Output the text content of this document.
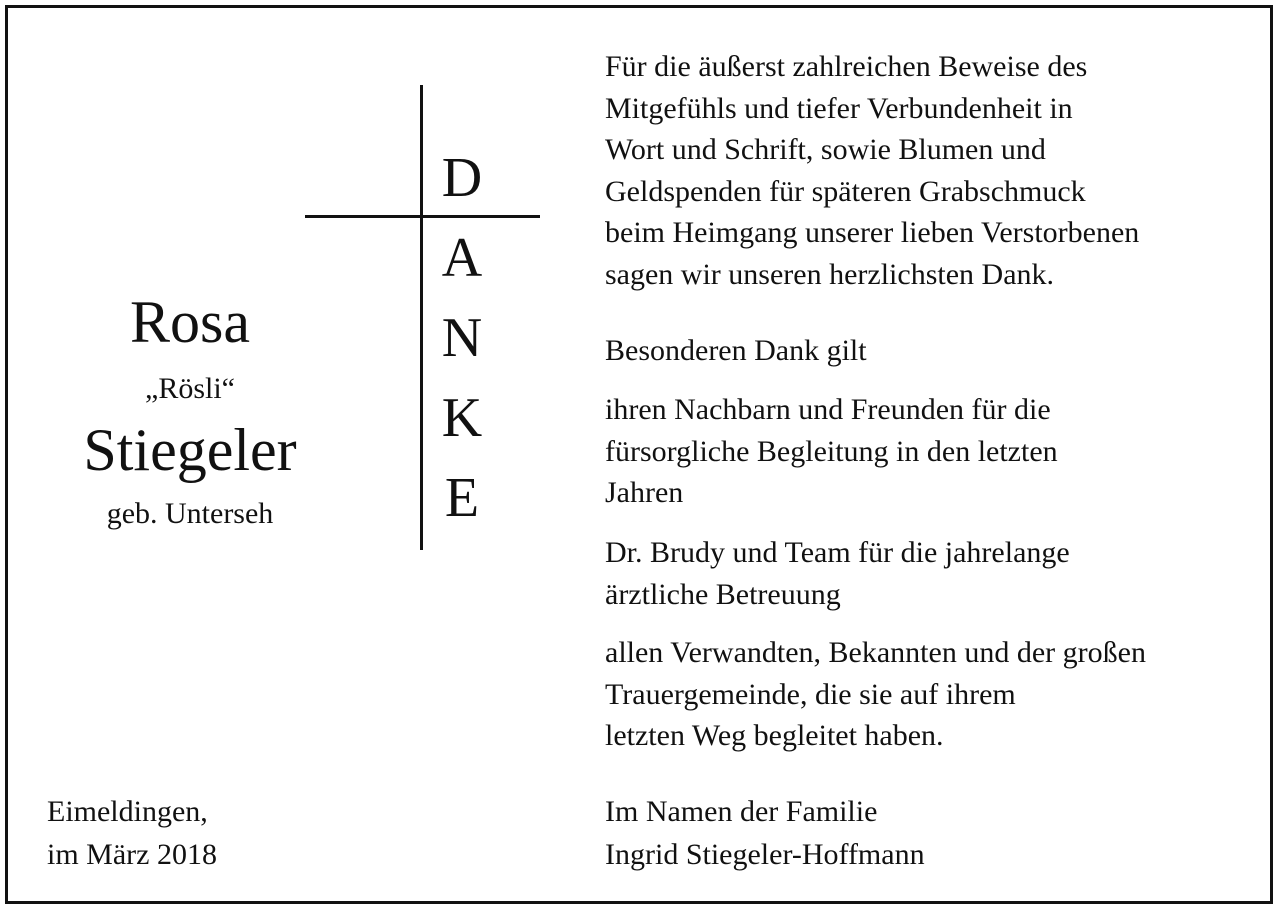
Rosa
„Rösli“
Stiegeler
geb. Unterseh
D
A
N
K
E
Für die äußerst zahlreichen Beweise des
Mitgefühls und tiefer Verbundenheit in
Wort und Schrift, sowie Blumen und
Geldspenden für späteren Grabschmuck
beim Heimgang unserer lieben Verstorbenen
sagen wir unseren herzlichsten Dank.
Besonderen Dank gilt
ihren Nachbarn und Freunden für die
fürsorgliche Begleitung in den letzten
Jahren
Dr. Brudy und Team für die jahrelange
ärztliche Betreuung
allen Verwandten, Bekannten und der großen
Trauergemeinde, die sie auf ihrem
letzten Weg begleitet haben.
Eimeldingen,
im März 2018
Im Namen der Familie
Ingrid Stiegeler-Hoffmann
